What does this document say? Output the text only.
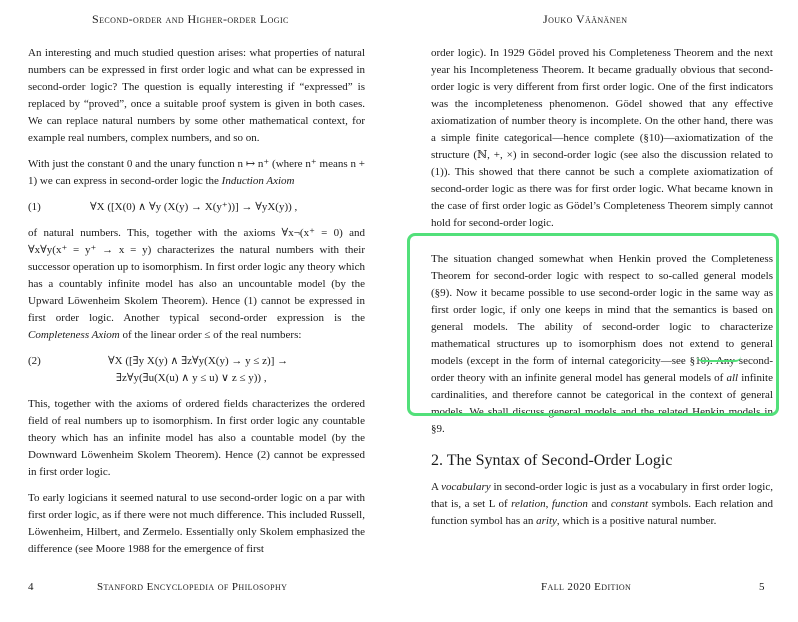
Second-order and Higher-order Logic

An interesting and much studied question arises: what properties of natural numbers can be expressed in first order logic and what can be expressed in second-order logic? The question is equally interesting if “expressed” is replaced by “proved”, once a suitable proof system is given in both cases. We can replace natural numbers by some other mathematical context, for example real numbers, complex numbers, and so on.

With just the constant 0 and the unary function n ↦ n⁺ (where n⁺ means n + 1) we can express in second-order logic the Induction Axiom

(1)	∀X ([X(0) ∧ ∀y (X(y) → X(y⁺))] → ∀yX(y)) ,

of natural numbers. This, together with the axioms ∀x¬(x⁺ = 0) and ∀x∀y(x⁺ = y⁺ → x = y) characterizes the natural numbers with their successor operation up to isomorphism. In first order logic any theory which has a countably infinite model has also an uncountable model (by the Upward Löwenheim Skolem Theorem). Hence (1) cannot be expressed in first order logic. Another typical second-order expression is the Completeness Axiom of the linear order ≤ of the real numbers:

(2)	∀X ([∃y X(y) ∧ ∃z∀y(X(y) → y ≤ z)] →
∃z∀y(∃u(X(u) ∧ y ≤ u) ∨ z ≤ y)) ,

This, together with the axioms of ordered fields characterizes the ordered field of real numbers up to isomorphism. In first order logic any countable theory which has an infinite model has also a countable model (by the Downward Löwenheim Skolem Theorem). Hence (2) cannot be expressed in first order logic.

To early logicians it seemed natural to use second-order logic on a par with first order logic, as if there were not much difference. This included Russell, Löwenheim, Hilbert, and Zermelo. Essentially only Skolem emphasized the difference (see Moore 1988 for the emergence of first

4	Stanford Encyclopedia of Philosophy
Jouko Väänänen

order logic). In 1929 Gödel proved his Completeness Theorem and the next year his Incompleteness Theorem. It became gradually obvious that second-order logic is very different from first order logic. One of the first indicators was the incompleteness phenomenon. Gödel showed that any effective axiomatization of number theory is incomplete. On the other hand, there was a simple finite categorical—hence complete (§10)—axiomatization of the structure (ℕ, +, ×) in second-order logic (see also the discussion related to (1)). This showed that there cannot be such a complete axiomatization of second-order logic as there was for first order logic. What became known in the case of first order logic as Gödel’s Completeness Theorem simply cannot hold for second-order logic.

The situation changed somewhat when Henkin proved the Completeness Theorem for second-order logic with respect to so-called general models (§9). Now it became possible to use second-order logic in the same way as first order logic, if only one keeps in mind that the semantics is based on general models. The ability of second-order logic to characterize mathematical structures up to isomorphism does not extend to general models (except in the form of internal categoricity—see §10). Any second-order theory with an infinite general model has general models of all infinite cardinalities, and therefore cannot be categorical in the context of general models. We shall discuss general models and the related Henkin models in §9.

2. The Syntax of Second-Order Logic

A vocabulary in second-order logic is just as a vocabulary in first order logic, that is, a set L of relation, function and constant symbols. Each relation and function symbol has an arity, which is a positive natural number.

Fall 2020 Edition	5
